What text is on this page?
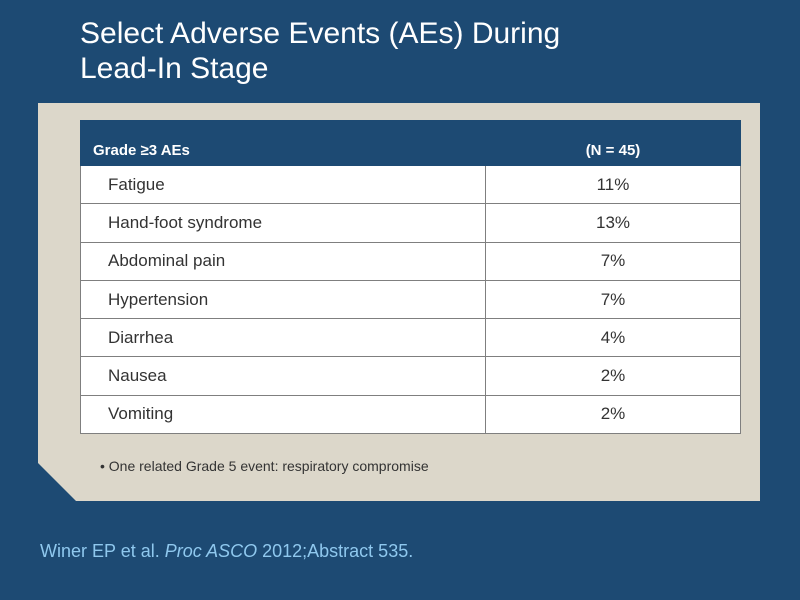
Select Adverse Events (AEs) During
Lead-In Stage
Grade ≥3 AEs	(N = 45)
Fatigue	11%
Hand-foot syndrome	13%
Abdominal pain	7%
Hypertension	7%
Diarrhea	4%
Nausea	2%
Vomiting	2%

• One related Grade 5 event: respiratory compromise

Winer EP et al. Proc ASCO 2012;Abstract 535.
